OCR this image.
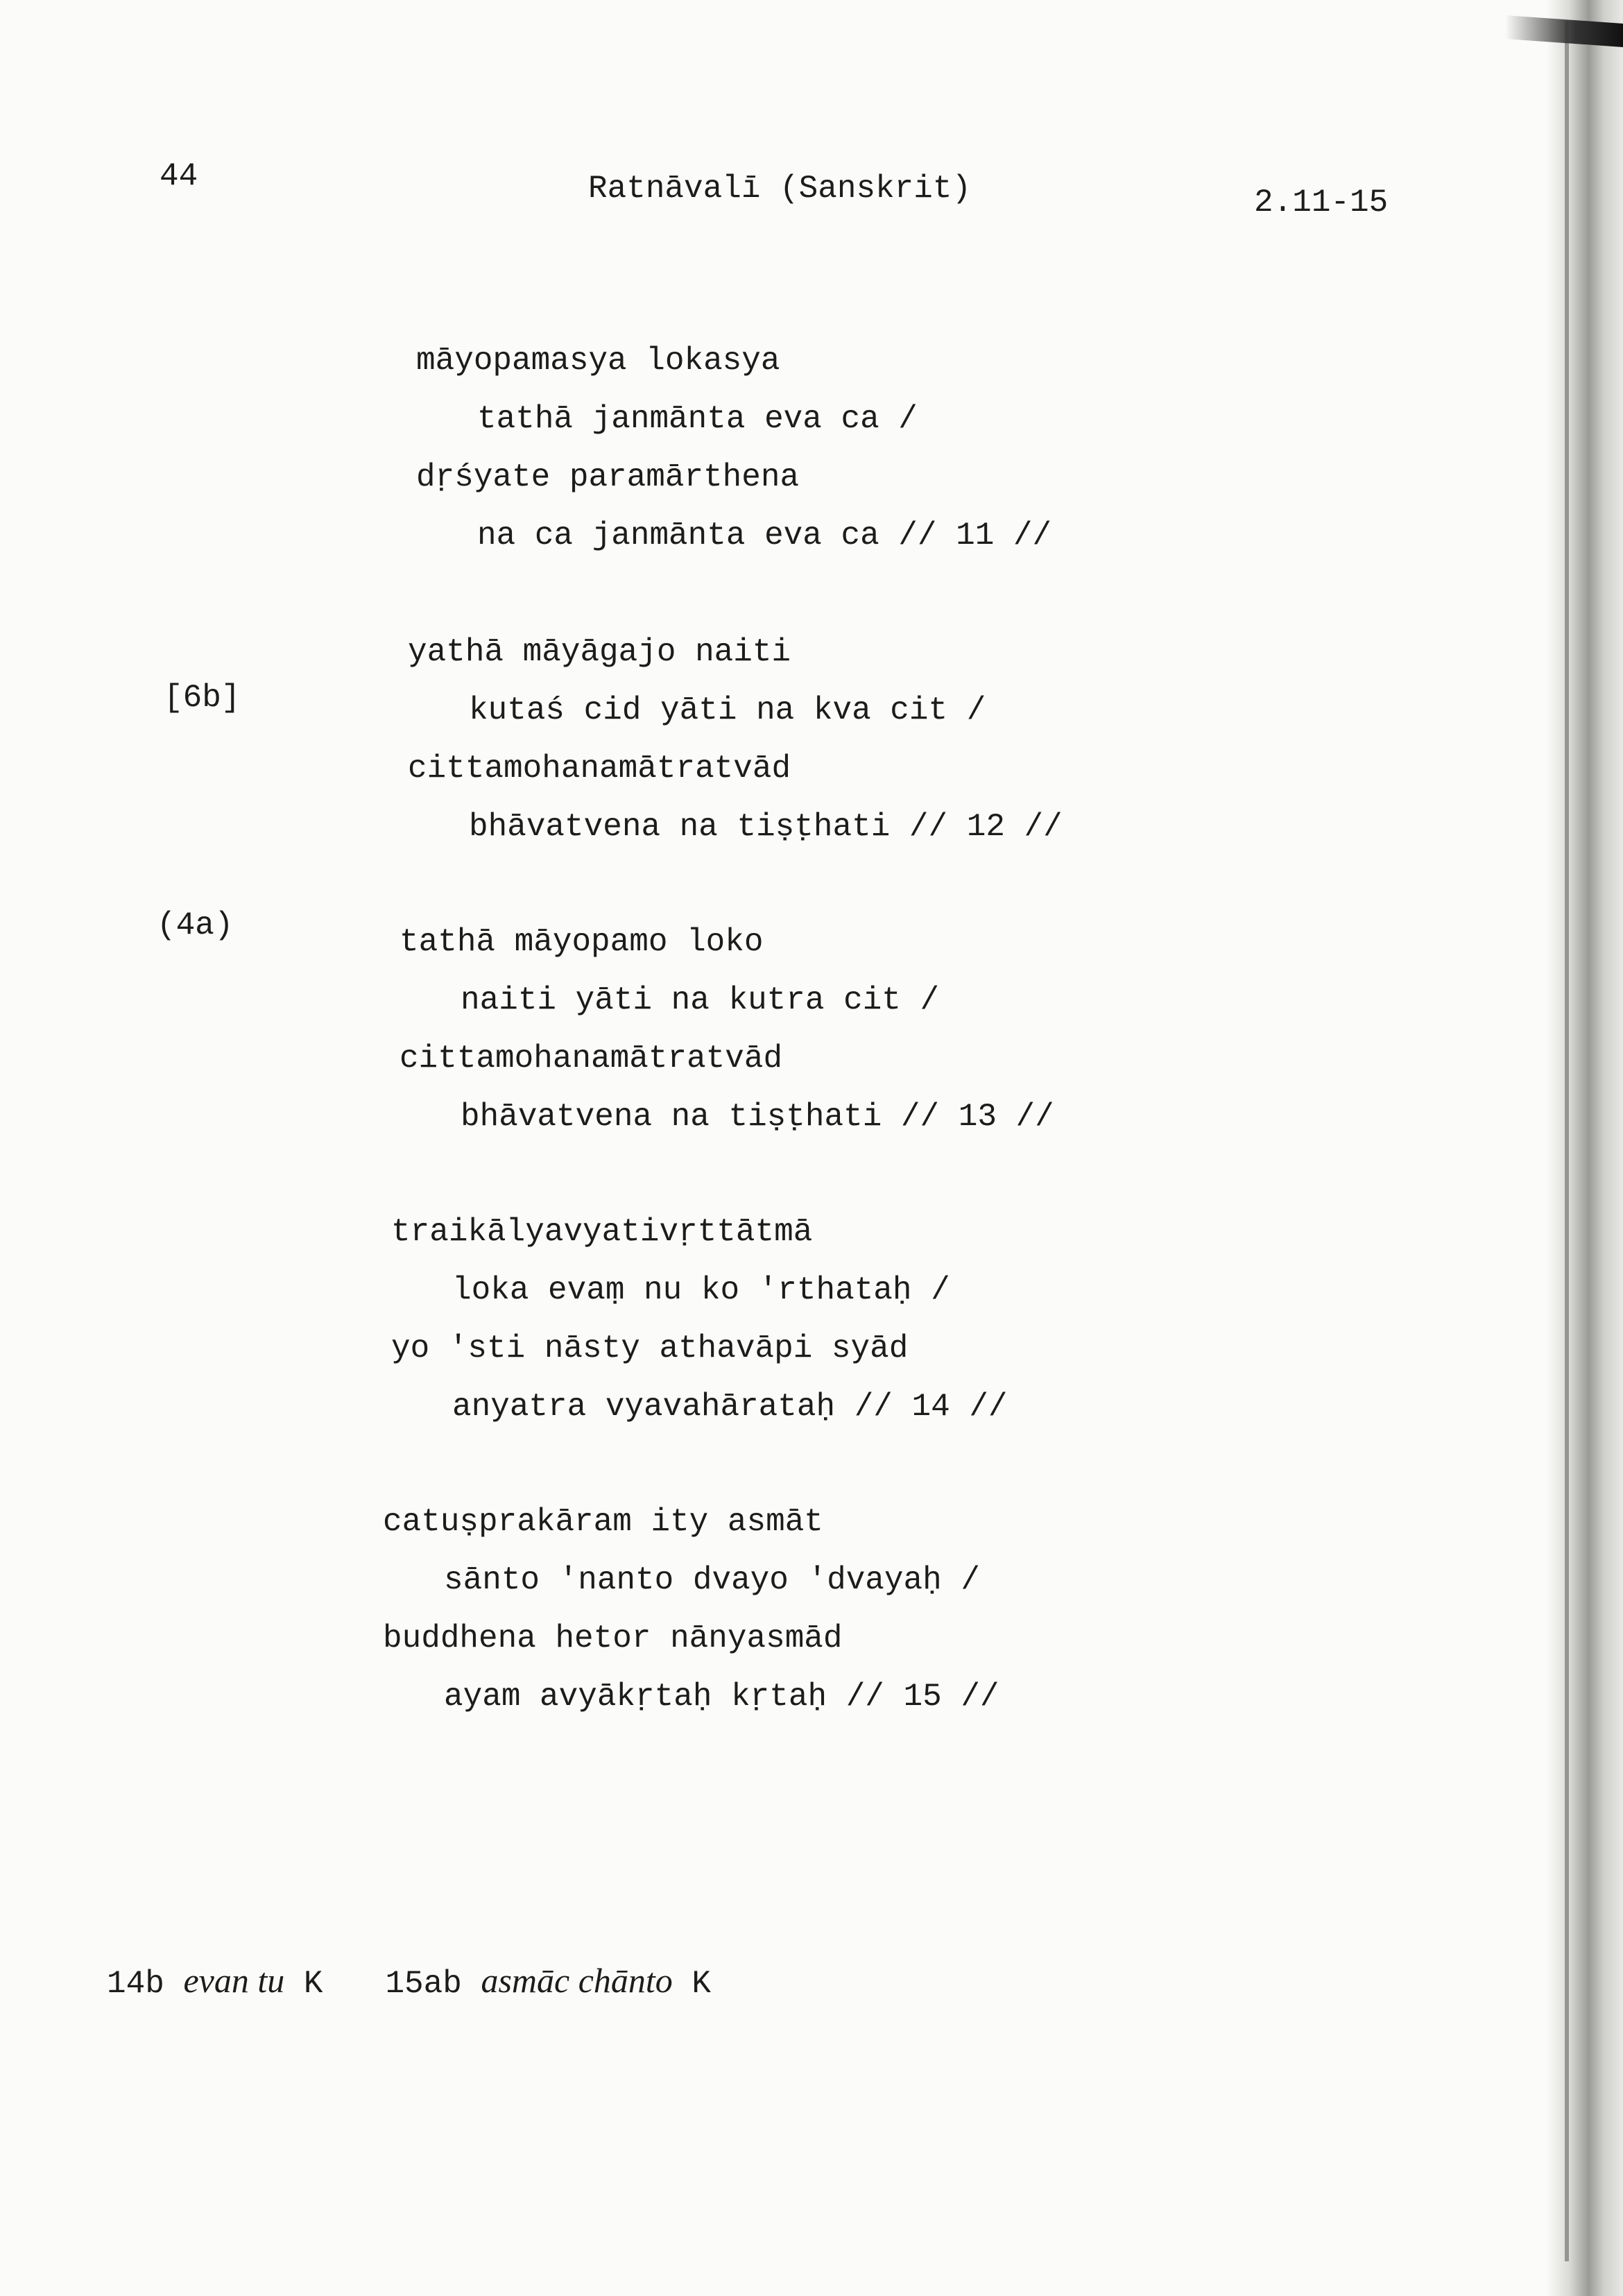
44	Ratnāvalī (Sanskrit)	2.11-15
[6b]
(4a)
māyopamasya lokasya
tathā janmānta eva ca /
dṛśyate paramārthena
na ca janmānta eva ca // 11 //
yathā māyāgajo naiti
kutaś cid yāti na kva cit /
cittamohanamātratvād
bhāvatvena na tiṣṭhati // 12 //
tathā māyopamo loko
naiti yāti na kutra cit /
cittamohanamātratvād
bhāvatvena na tiṣṭhati // 13 //
traikālyavyativṛttātmā
loka evaṃ nu ko 'rthataḥ /
yo 'sti nāsty athavāpi syād
anyatra vyavahārataḥ // 14 //
catuṣprakāram ity asmāt
sānto 'nanto dvayo 'dvayaḥ /
buddhena hetor nānyasmād
ayam avyākṛtaḥ kṛtaḥ // 15 //
14b evan tu K 15ab asmāc chānto K
